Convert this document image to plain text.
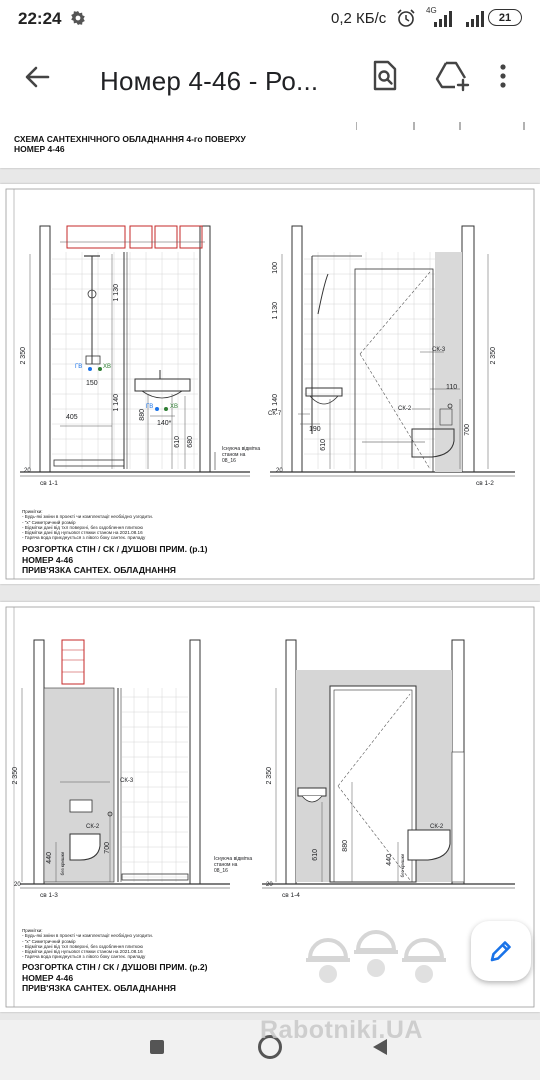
22:24	0,2 КБ/с	4G
21
Номер 4-46 - Ро...
СХЕМА САНТЕХНІЧНОГО ОБЛАДНАННЯ 4-го ПОВЕРХУ
НОМЕР 4-46
2 350
1 130
1 140
880
610 680
405
150
140*
20
ГВ	ХВ
ГВ	ХВ
св 1-1
Існуюча відмітка
станом на
08_16
2 350
1 130
1 140
610
100
700
110
190
20
СК-3
СК-2
СК-7
св 1-2
Примітки:
- Будь-які зміни в проекті чи комплектації необхідно узгодити.
- "х" Симетричний розмір
- Відмітки дані від тхл поверхні, без оздоблення плиткою
- Відмітки дані від нульової стяжки станом на 2021.08.16
- Гаряча вода приєднується з лівого боку сантех. приладу
РОЗГОРТКА СТІН / СК / ДУШОВІ ПРИМ. (р.1)
НОМЕР 4-46
ПРИВ'ЯЗКА САНТЕХ. ОБЛАДНАННЯ
2 350
700
440
20
СК-3
СК-2
без кришки
св 1-3
Існуюча відмітка
станом на
08_16
2 350
610
880
440
20
СК-2
без кришки
св 1-4
Примітки:
- Будь-які зміни в проекті чи комплектації необхідно узгодити.
- "х" Симетричний розмір
- Відмітки дані від тхл поверхні, без оздоблення плиткою
- Відмітки дані від нульової стяжки станом на 2021.08.16
- Гаряча вода приєднується з лівого боку сантех. приладу
РОЗГОРТКА СТІН / СК / ДУШОВІ ПРИМ. (р.2)
НОМЕР 4-46
ПРИВ'ЯЗКА САНТЕХ. ОБЛАДНАННЯ
Rabotniki.UA
